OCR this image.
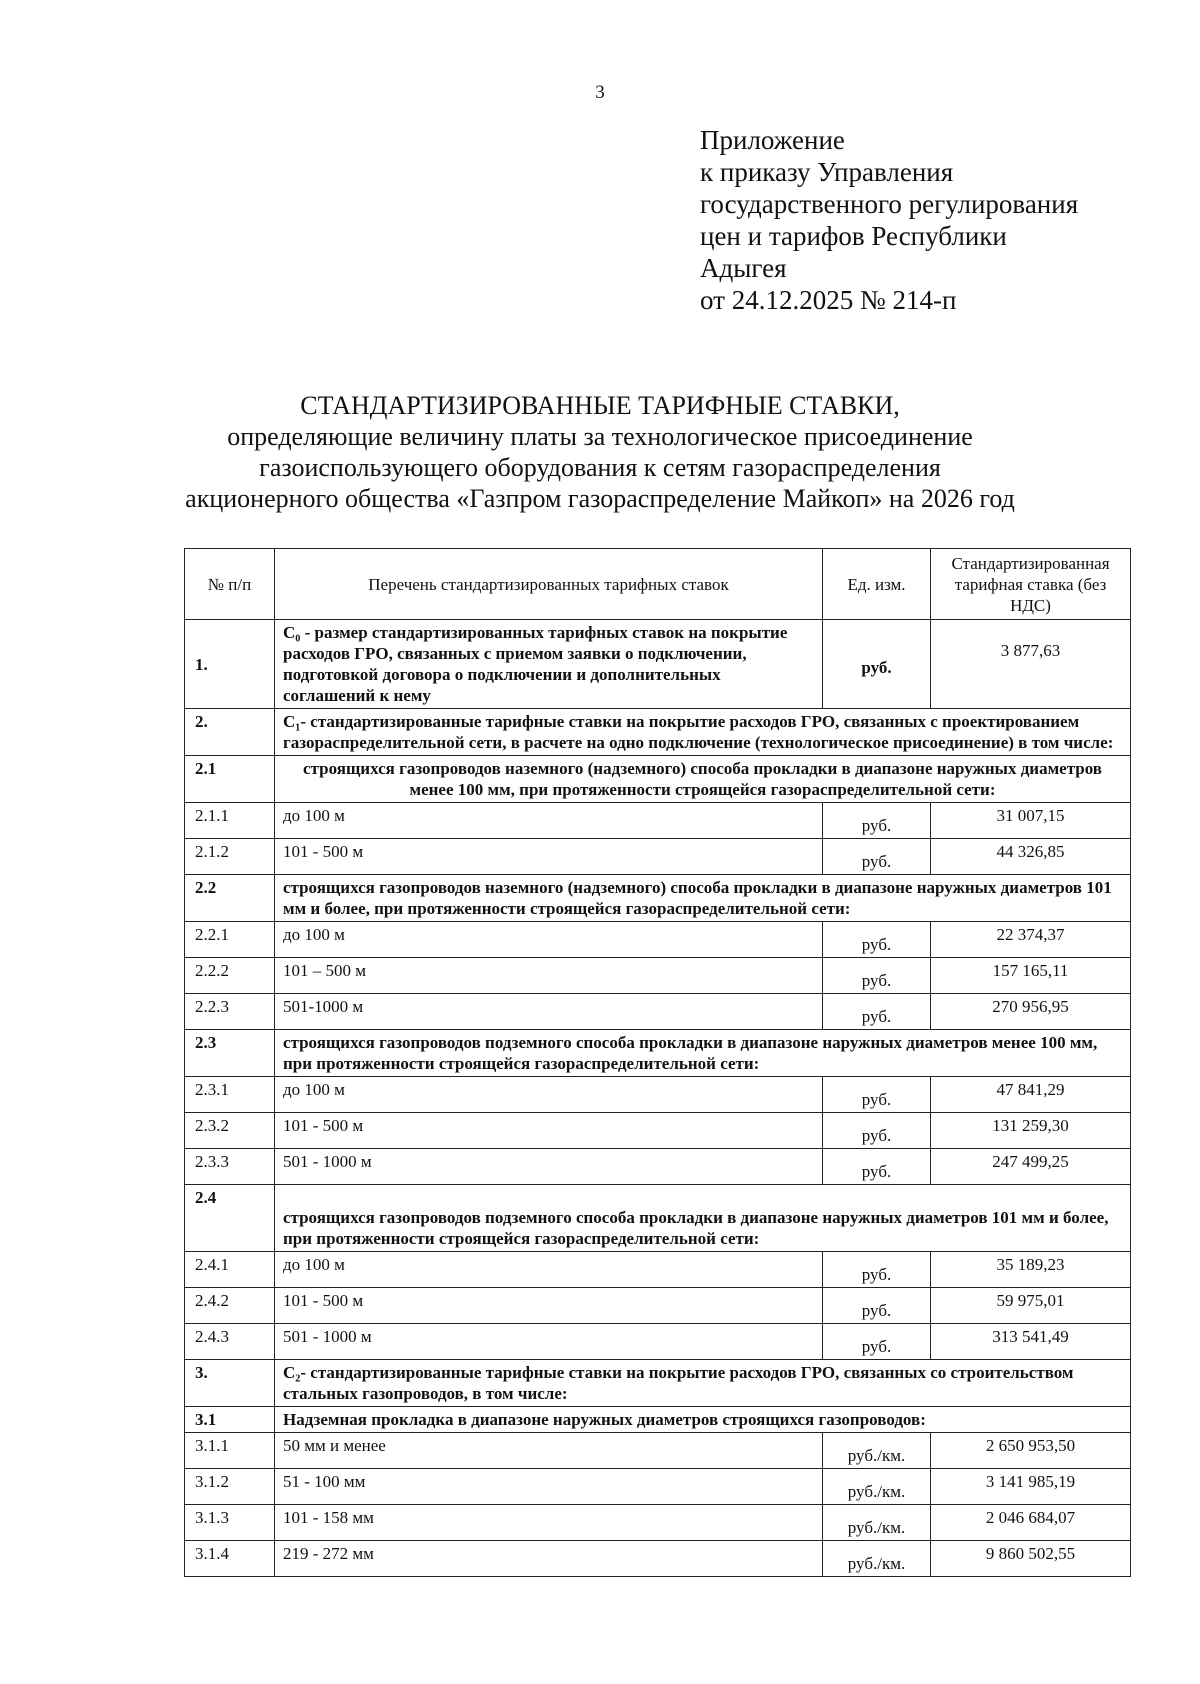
3
Приложение
к приказу Управления
государственного регулирования
цен и тарифов Республики
Адыгея
от 24.12.2025 № 214-п
СТАНДАРТИЗИРОВАННЫЕ ТАРИФНЫЕ СТАВКИ,
определяющие величину платы за технологическое присоединение
газоиспользующего оборудования к сетям газораспределения
акционерного общества «Газпром газораспределение Майкоп» на 2026 год
№ п/п	Перечень стандартизированных тарифных ставок	Ед. изм.	Стандартизированная тарифная ставка (без НДС)
1.	С₀ - размер стандартизированных тарифных ставок на покрытие расходов ГРО, связанных с приемом заявки о подключении, подготовкой договора о подключении и дополнительных соглашений к нему	руб.	3 877,63
2.	С₁- стандартизированные тарифные ставки на покрытие расходов ГРО, связанных с проектированием газораспределительной сети, в расчете на одно подключение (технологическое присоединение) в том числе:		
2.1	строящихся газопроводов наземного (надземного) способа прокладки в диапазоне наружных диаметров менее 100 мм, при протяженности строящейся газораспределительной сети:		
2.1.1	до 100 м	руб.	31 007,15
2.1.2	101 - 500 м	руб.	44 326,85
2.2	строящихся газопроводов наземного (надземного) способа прокладки в диапазоне наружных диаметров 101 мм и более, при протяженности строящейся газораспределительной сети:		
2.2.1	до 100 м	руб.	22 374,37
2.2.2	101 – 500 м	руб.	157 165,11
2.2.3	501-1000 м	руб.	270 956,95
2.3	строящихся газопроводов подземного способа прокладки в диапазоне наружных диаметров менее 100 мм, при протяженности строящейся газораспределительной сети:		
2.3.1	до 100 м	руб.	47 841,29
2.3.2	101 - 500 м	руб.	131 259,30
2.3.3	501 - 1000 м	руб.	247 499,25
2.4	строящихся газопроводов подземного способа прокладки в диапазоне наружных диаметров 101 мм и более, при протяженности строящейся газораспределительной сети:		
2.4.1	до 100 м	руб.	35 189,23
2.4.2	101 - 500 м	руб.	59 975,01
2.4.3	501 - 1000 м	руб.	313 541,49
3.	С₂- стандартизированные тарифные ставки на покрытие расходов ГРО, связанных со строительством стальных газопроводов, в том числе:		
3.1	Надземная прокладка в диапазоне наружных диаметров строящихся газопроводов:		
3.1.1	50 мм и менее	руб./км.	2 650 953,50
3.1.2	51 - 100 мм	руб./км.	3 141 985,19
3.1.3	101 - 158 мм	руб./км.	2 046 684,07
3.1.4	219 - 272 мм	руб./км.	9 860 502,55
